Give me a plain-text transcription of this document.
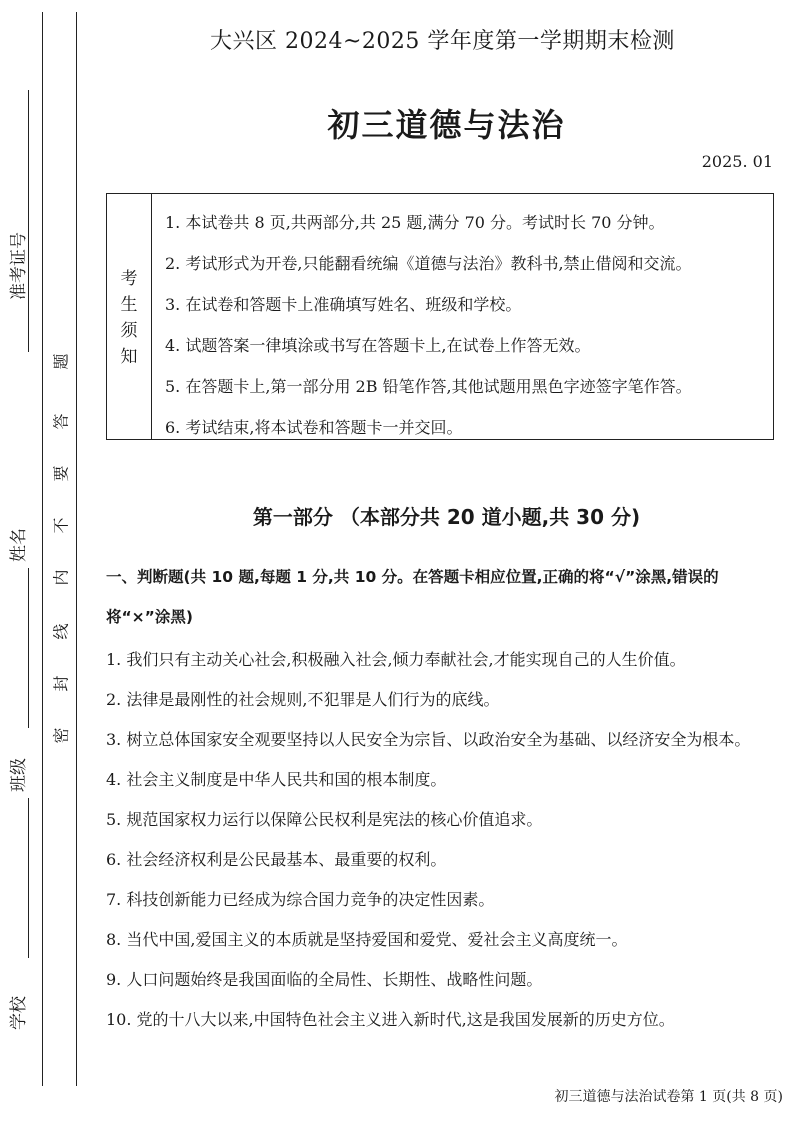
准考证号
姓名
班级
学校
题
答
要
不
内
线
封
密
大兴区 2024~2025 学年度第一学期期末检测
初三道德与法治
2025. 01
考
生
须
知
1. 本试卷共 8 页,共两部分,共 25 题,满分 70 分。考试时长 70 分钟。
2. 考试形式为开卷,只能翻看统编《道德与法治》教科书,禁止借阅和交流。
3. 在试卷和答题卡上准确填写姓名、班级和学校。
4. 试题答案一律填涂或书写在答题卡上,在试卷上作答无效。
5. 在答题卡上,第一部分用 2B 铅笔作答,其他试题用黑色字迹签字笔作答。
6. 考试结束,将本试卷和答题卡一并交回。
第一部分 （本部分共 20 道小题,共 30 分)
一、判断题(共 10 题,每题 1 分,共 10 分。在答题卡相应位置,正确的将“√”涂黑,错误的将“×”涂黑)
1. 我们只有主动关心社会,积极融入社会,倾力奉献社会,才能实现自己的人生价值。
2. 法律是最刚性的社会规则,不犯罪是人们行为的底线。
3. 树立总体国家安全观要坚持以人民安全为宗旨、以政治安全为基础、以经济安全为根本。
4. 社会主义制度是中华人民共和国的根本制度。
5. 规范国家权力运行以保障公民权利是宪法的核心价值追求。
6. 社会经济权利是公民最基本、最重要的权利。
7. 科技创新能力已经成为综合国力竞争的决定性因素。
8. 当代中国,爱国主义的本质就是坚持爱国和爱党、爱社会主义高度统一。
9. 人口问题始终是我国面临的全局性、长期性、战略性问题。
10. 党的十八大以来,中国特色社会主义进入新时代,这是我国发展新的历史方位。
初三道德与法治试卷第 1 页(共 8 页)
